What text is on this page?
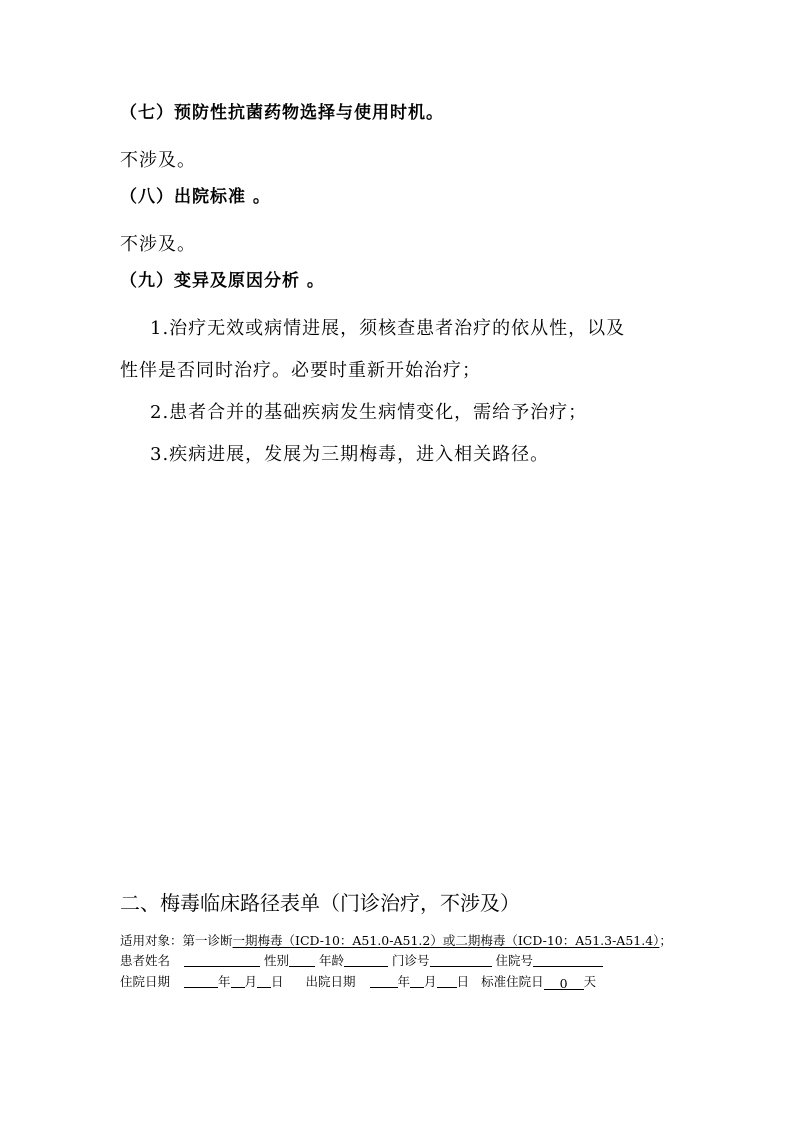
（七）预防性抗菌药物选择与使用时机。
不涉及。
（八）出院标准 。
不涉及。
（九）变异及原因分析 。
1.治疗无效或病情进展，须核查患者治疗的依从性，以及
性伴是否同时治疗。必要时重新开始治疗；
2.患者合并的基础疾病发生病情变化，需给予治疗；
3.疾病进展，发展为三期梅毒，进入相关路径。
二、梅毒临床路径表单（门诊治疗，不涉及）
适用对象：第一诊断一期梅毒（ICD-10：A51.0-A51.2）或二期梅毒（ICD-10：A51.3-A51.4）；
患者姓名	性别 年龄	门诊号	住院号
住院日期	年 月 日 出院日期	年 月 日 标准住院日 0 天
